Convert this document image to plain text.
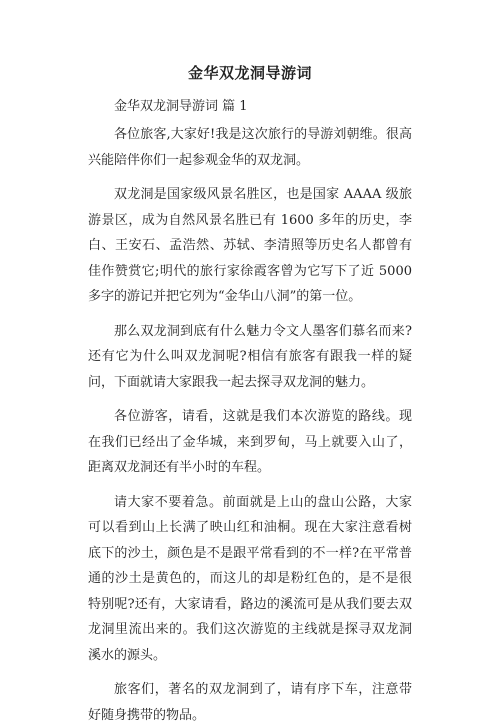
金华双龙洞导游词
金华双龙洞导游词 篇 1

各位旅客,大家好!我是这次旅行的导游刘朝维。很高兴能陪伴你们一起参观金华的双龙洞。

双龙洞是国家级风景名胜区，也是国家 AAAA 级旅游景区，成为自然风景名胜已有 1600 多年的历史，李白、王安石、孟浩然、苏轼、李清照等历史名人都曾有佳作赞赏它;明代的旅行家徐霞客曾为它写下了近 5000 多字的游记并把它列为“金华山八洞”的第一位。

那么双龙洞到底有什么魅力令文人墨客们慕名而来?还有它为什么叫双龙洞呢?相信有旅客有跟我一样的疑问，下面就请大家跟我一起去探寻双龙洞的魅力。

各位游客，请看，这就是我们本次游览的路线。现在我们已经出了金华城，来到罗甸，马上就要入山了，距离双龙洞还有半小时的车程。

请大家不要着急。前面就是上山的盘山公路，大家可以看到山上长满了映山红和油桐。现在大家注意看树底下的沙土，颜色是不是跟平常看到的不一样?在平常普通的沙土是黄色的，而这儿的却是粉红色的，是不是很特别呢?还有，大家请看，路边的溪流可是从我们要去双龙洞里流出来的。我们这次游览的主线就是探寻双龙洞溪水的源头。

旅客们，著名的双龙洞到了，请有序下车，注意带好随身携带的物品。
